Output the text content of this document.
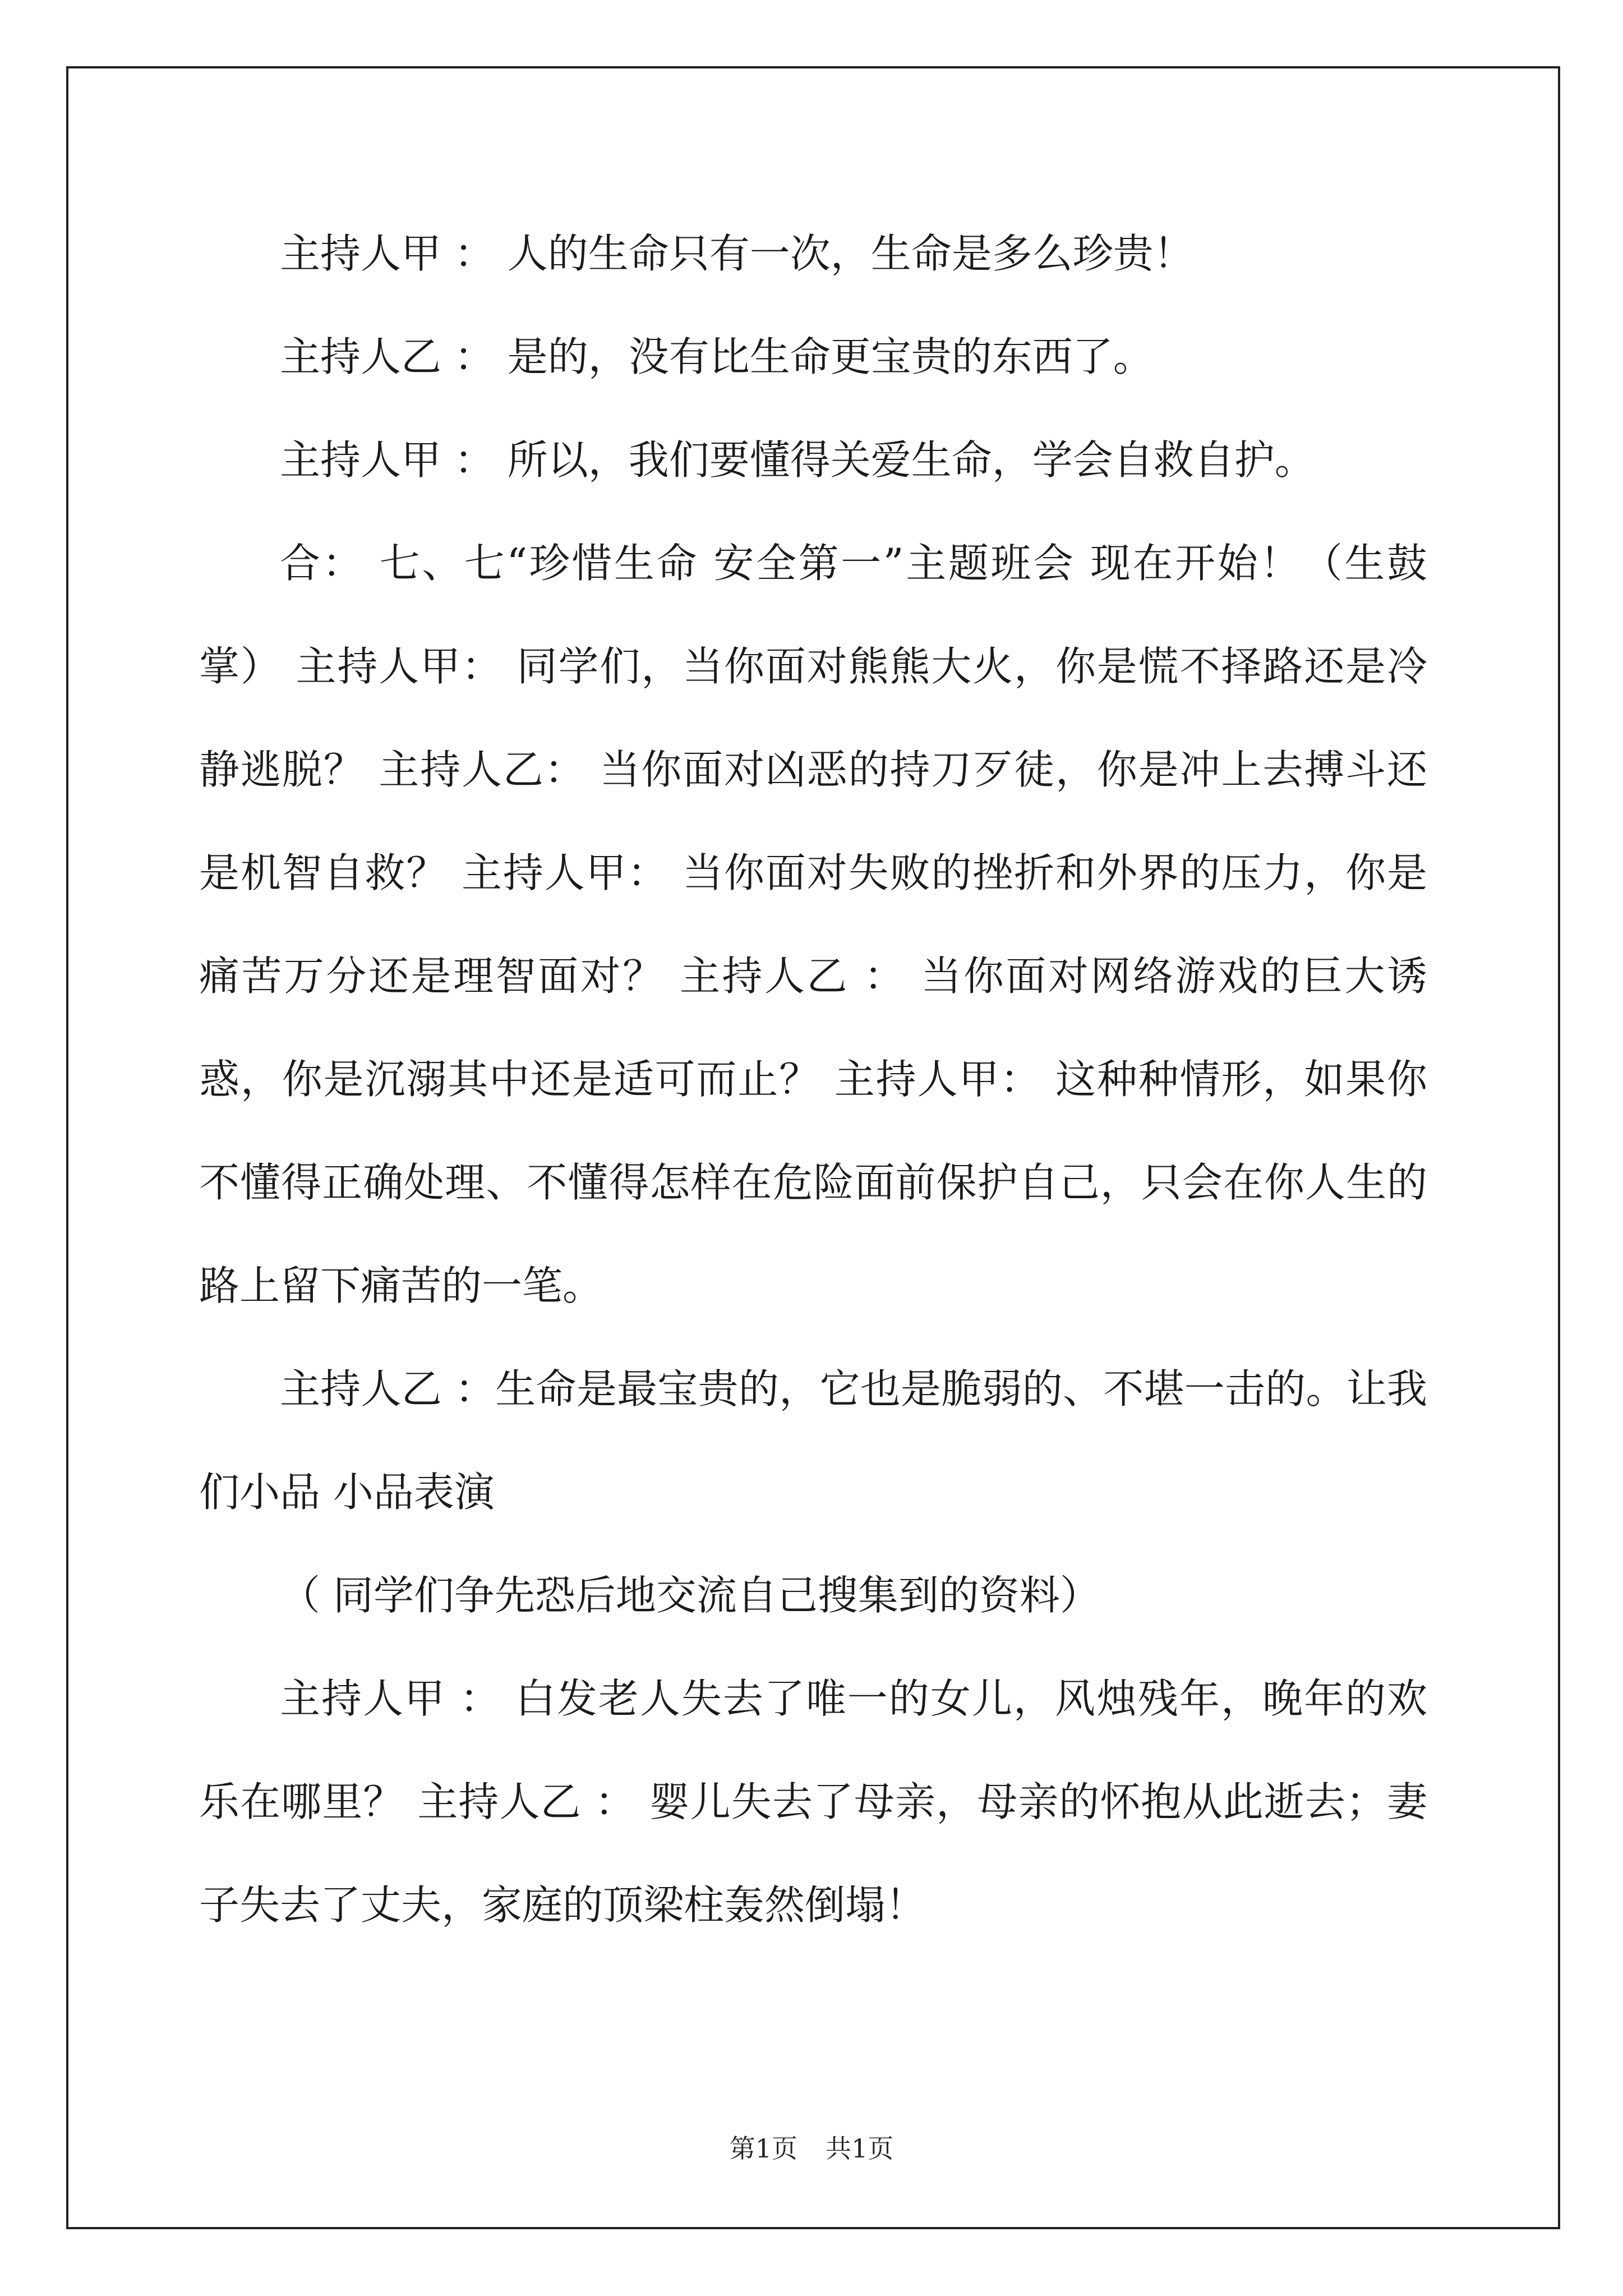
主持人甲 ： 人的生命只有一次，生命是多么珍贵！

主持人乙 ： 是的，没有比生命更宝贵的东西了。

主持人甲 ： 所以，我们要懂得关爱生命，学会自救自护。

合： 七、七“珍惜生命 安全第一”主题班会 现在开始！（生鼓掌） 主持人甲： 同学们，当你面对熊熊大火，你是慌不择路还是冷静逃脱？ 主持人乙： 当你面对凶恶的持刀歹徒，你是冲上去搏斗还是机智自救？ 主持人甲： 当你面对失败的挫折和外界的压力，你是痛苦万分还是理智面对？ 主持人乙 ： 当你面对网络游戏的巨大诱惑，你是沉溺其中还是适可而止？ 主持人甲： 这种种情形，如果你不懂得正确处理、不懂得怎样在危险面前保护自己，只会在你人生的路上留下痛苦的一笔。

主持人乙 ：生命是最宝贵的，它也是脆弱的、不堪一击的。让我们小品 小品表演

（ 同学们争先恐后地交流自己搜集到的资料）

主持人甲 ： 白发老人失去了唯一的女儿，风烛残年，晚年的欢乐在哪里？ 主持人乙 ： 婴儿失去了母亲，母亲的怀抱从此逝去；妻子失去了丈夫，家庭的顶梁柱轰然倒塌！

第1页 共1页
